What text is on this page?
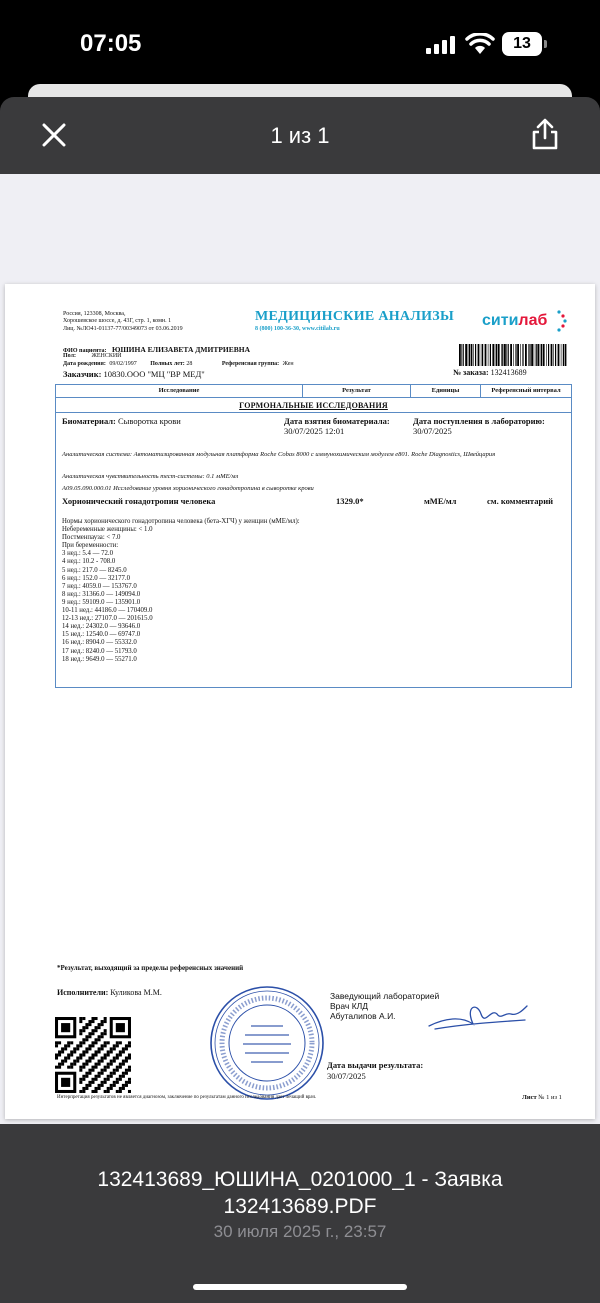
07:05	13
1 из 1
Россия, 123308, Москва,
Хорошевское шоссе, д. 43Г, стр. 1, комн. 1
Лиц. №ЛО41-01137-77/00349073 от 03.06.2019
МЕДИЦИНСКИЕ АНАЛИЗЫ
8 (800) 100-36-30, www.citilab.ru	ситилаб
ФИО пациента: ЮШИНА ЕЛИЗАВЕТА ДМИТРИЕВНА
Пол:	ЖЕНСКИЙ
Дата рождения: 09/02/1997 Полных лет: 28	Референсная группа: Жен
Заказчик: 10830.ООО "МЦ "ВР МЕД"	№ заказа: 132413689
Исследование	Результат	Единицы	Референсный интервал
ГОРМОНАЛЬНЫЕ ИССЛЕДОВАНИЯ
Биоматериал: Сыворотка крови	Дата взятия биоматериала:
30/07/2025 12:01
Дата поступления в лабораторию:
30/07/2025
Аналитическая система: Автоматизированная модульная платформа Roche Cobas 8000 с иммунохимическим модулем e801. Roche Diagnostics, Швейцария
Аналитическая чувствительность тест-системы: 0.1 мМЕ/мл
A09.05.090.000.01 Исследование уровня хорионического гонадотропина в сыворотке крови
Хорионический гонадотропин человека	1329.0*	мМЕ/мл	см. комментарий
Нормы хорионического гонадотропина человека (бета-ХГЧ) у женщин (мМЕ/мл):
Небеременные женщины: < 1.0
Постменпауза: < 7.0
При беременности:
3 нед.: 5.4 — 72.0
4 нед.: 10.2 - 708.0
5 нед.: 217.0 — 8245.0
6 нед.: 152.0 — 32177.0
7 нед.: 4059.0 — 153767.0
8 нед.: 31366.0 — 149094.0
9 нед.: 59109.0 — 135901.0
10-11 нед.: 44186.0 — 170409.0
12-13 нед.: 27107.0 — 201615.0
14 нед.: 24302.0 — 93646.0
15 нед.: 12540.0 — 69747.0
16 нед.: 8904.0 — 55332.0
17 нед.: 8240.0 — 51793.0
18 нед.: 9649.0 — 55271.0
*Результат, выходящий за пределы референсных значений
Исполнители: Куликова М.М.	Заведующий лабораторией
Врач КЛД
Абуталипов А.И.
Дата выдачи результата:
30/07/2025
Интерпретация результатов не является диагнозом, заключение по результатам данного исследования дает лечащий врач.	Лист № 1 из 1
132413689_ЮШИНА_0201000_1 - Заявка 132413689.PDF
30 июля 2025 г., 23:57
